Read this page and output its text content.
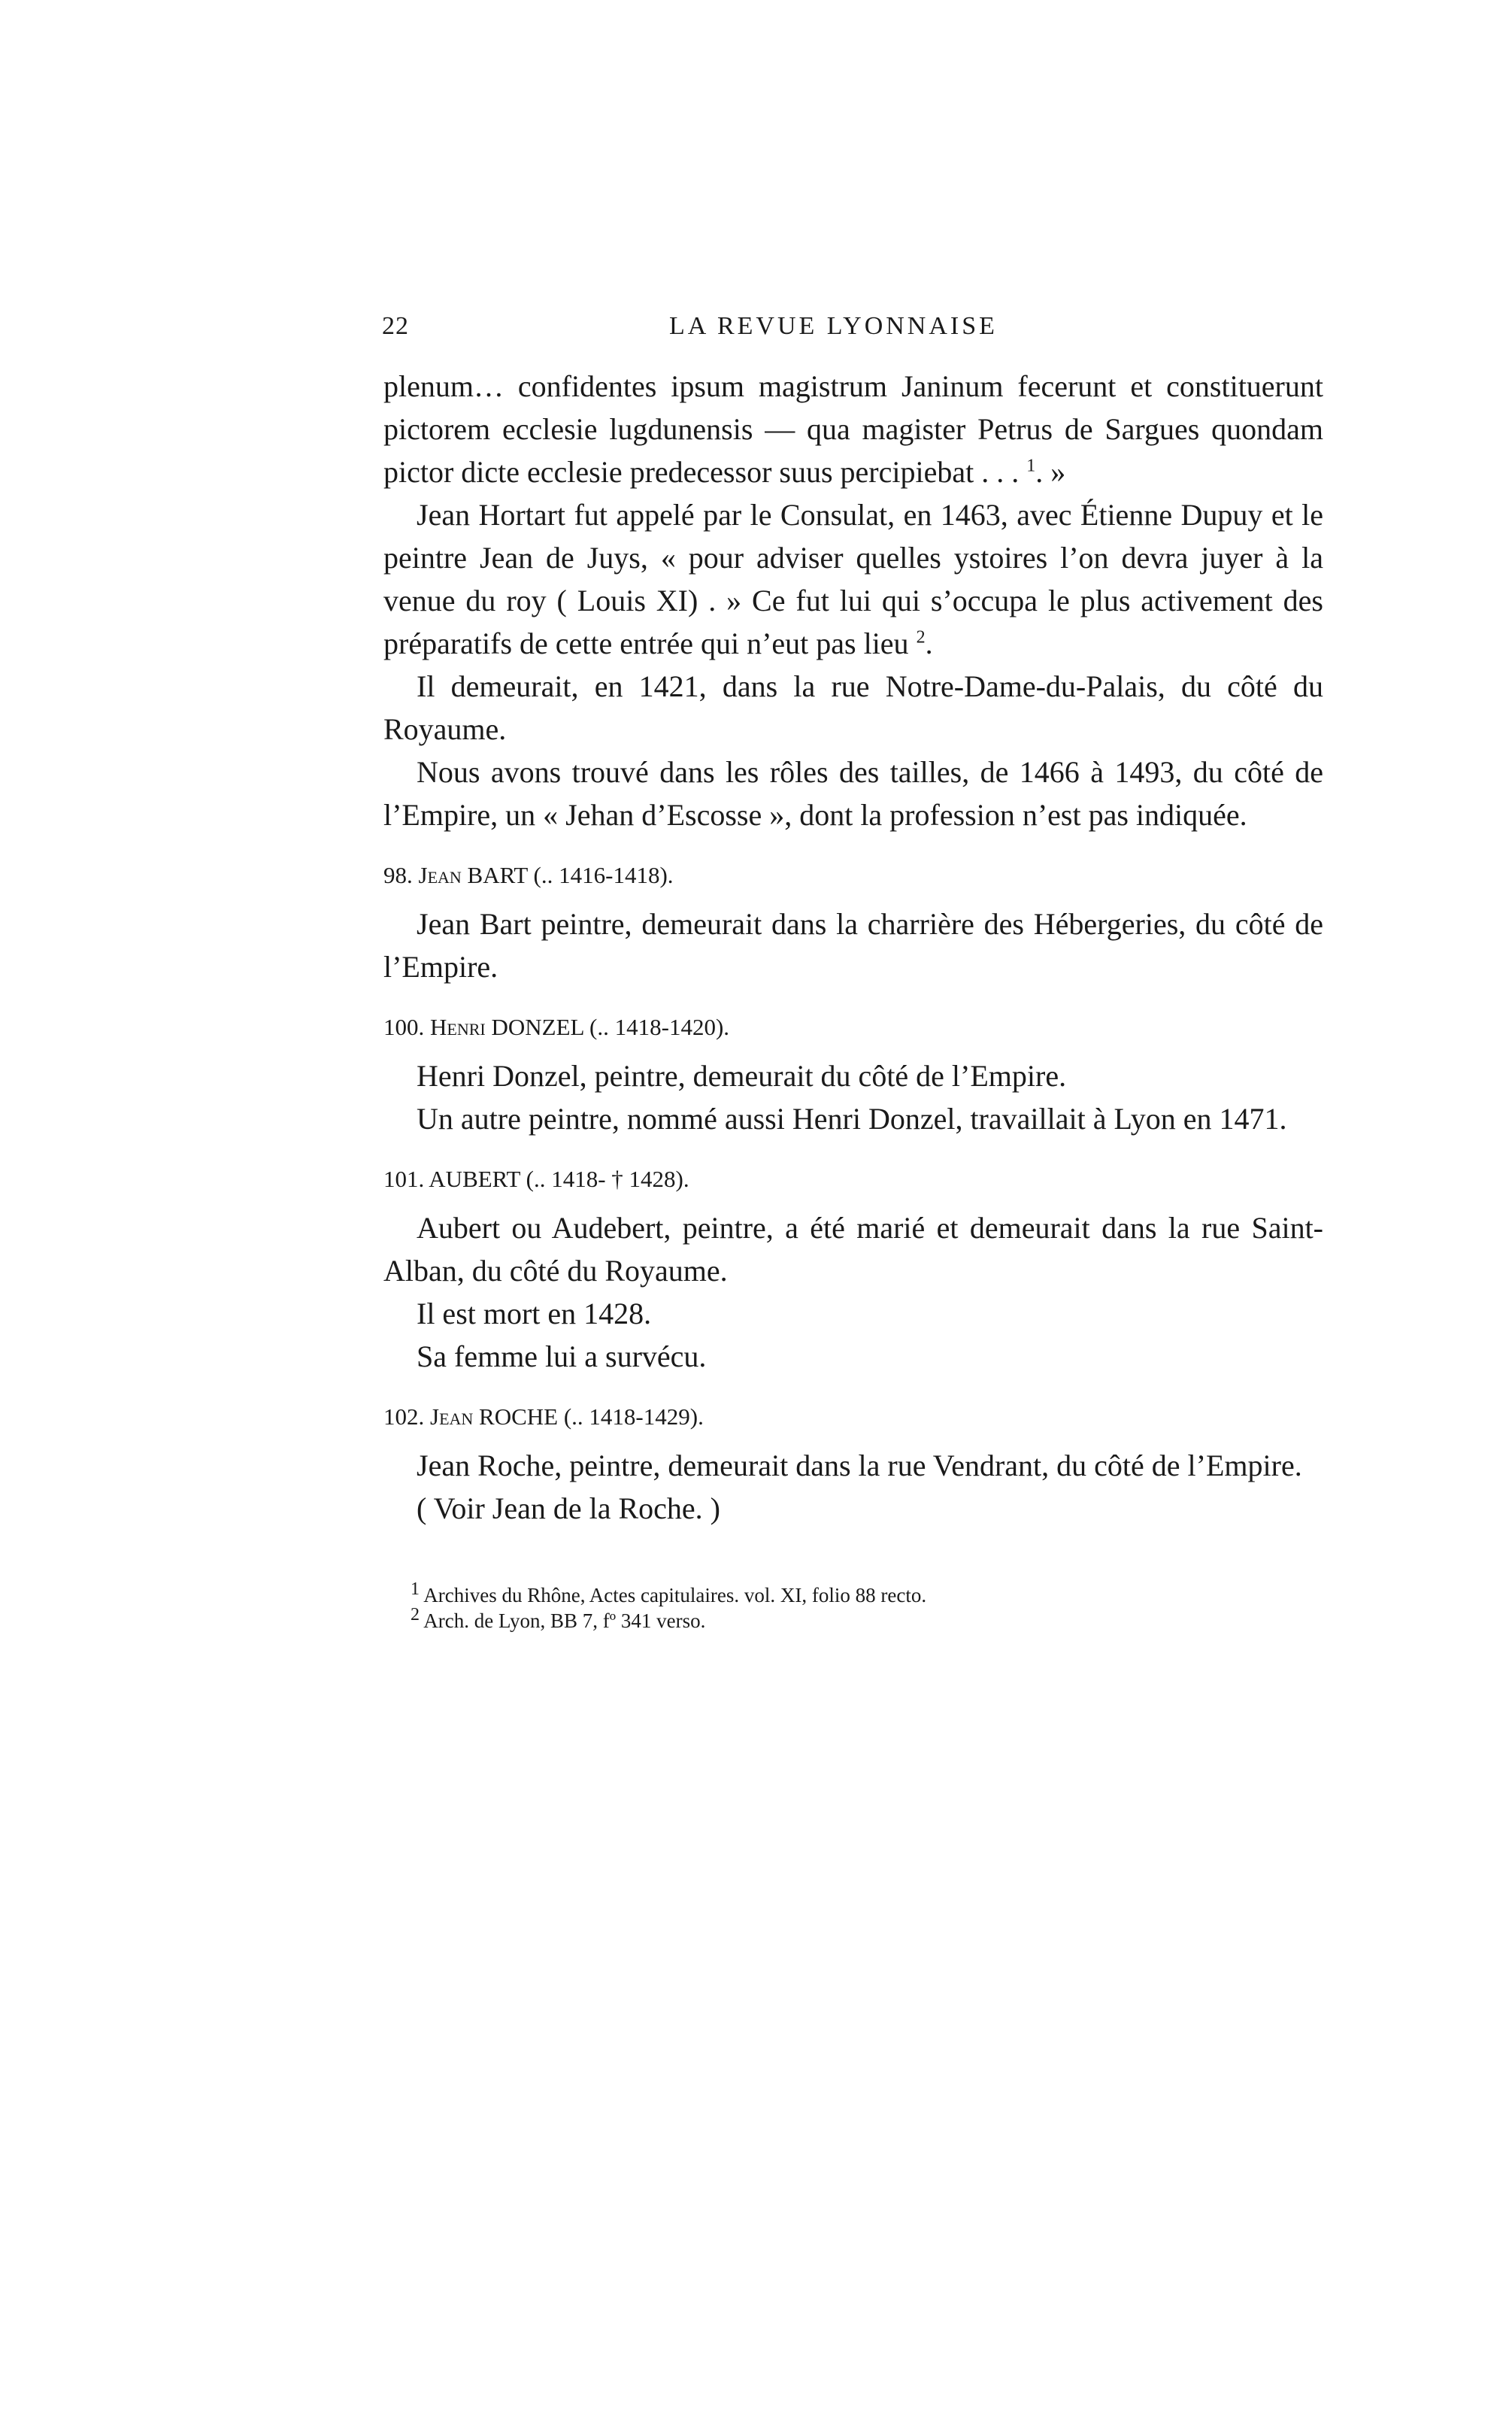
22	LA REVUE LYONNAISE

plenum… confidentes ipsum magistrum Janinum fecerunt et constituerunt pictorem ecclesie lugdunensis — qua magister Petrus de Sargues quondam pictor dicte ecclesie predecessor suus percipiebat . . . $^1$. »

Jean Hortart fut appelé par le Consulat, en 1463, avec Étienne Dupuy et le peintre Jean de Juys, « pour adviser quelles ystoires l’on devra juyer à la venue du roy ( Louis XI) . » Ce fut lui qui s’occupa le plus activement des préparatifs de cette entrée qui n’eut pas lieu $^2$.

Il demeurait, en 1421, dans la rue Notre-Dame-du-Palais, du côté du Royaume.

Nous avons trouvé dans les rôles des tailles, de 1466 à 1493, du côté de l’Empire, un « Jehan d’Escosse », dont la profession n’est pas indiquée.

98. Jean BART (.. 1416-1418).

Jean Bart peintre, demeurait dans la charrière des Hébergeries, du côté de l’Empire.

100. Henri DONZEL (.. 1418-1420).

Henri Donzel, peintre, demeurait du côté de l’Empire.

Un autre peintre, nommé aussi Henri Donzel, travaillait à Lyon en 1471.

101. AUBERT (.. 1418- † 1428).

Aubert ou Audebert, peintre, a été marié et demeurait dans la rue Saint-Alban, du côté du Royaume.

Il est mort en 1428.

Sa femme lui a survécu.

102. Jean ROCHE (.. 1418-1429).

Jean Roche, peintre, demeurait dans la rue Vendrant, du côté de l’Empire.

( Voir Jean de la Roche. )

$^1$ Archives du Rhône, Actes capitulaires. vol. XI, folio 88 recto.
$^2$ Arch. de Lyon, BB 7, fº 341 verso.
